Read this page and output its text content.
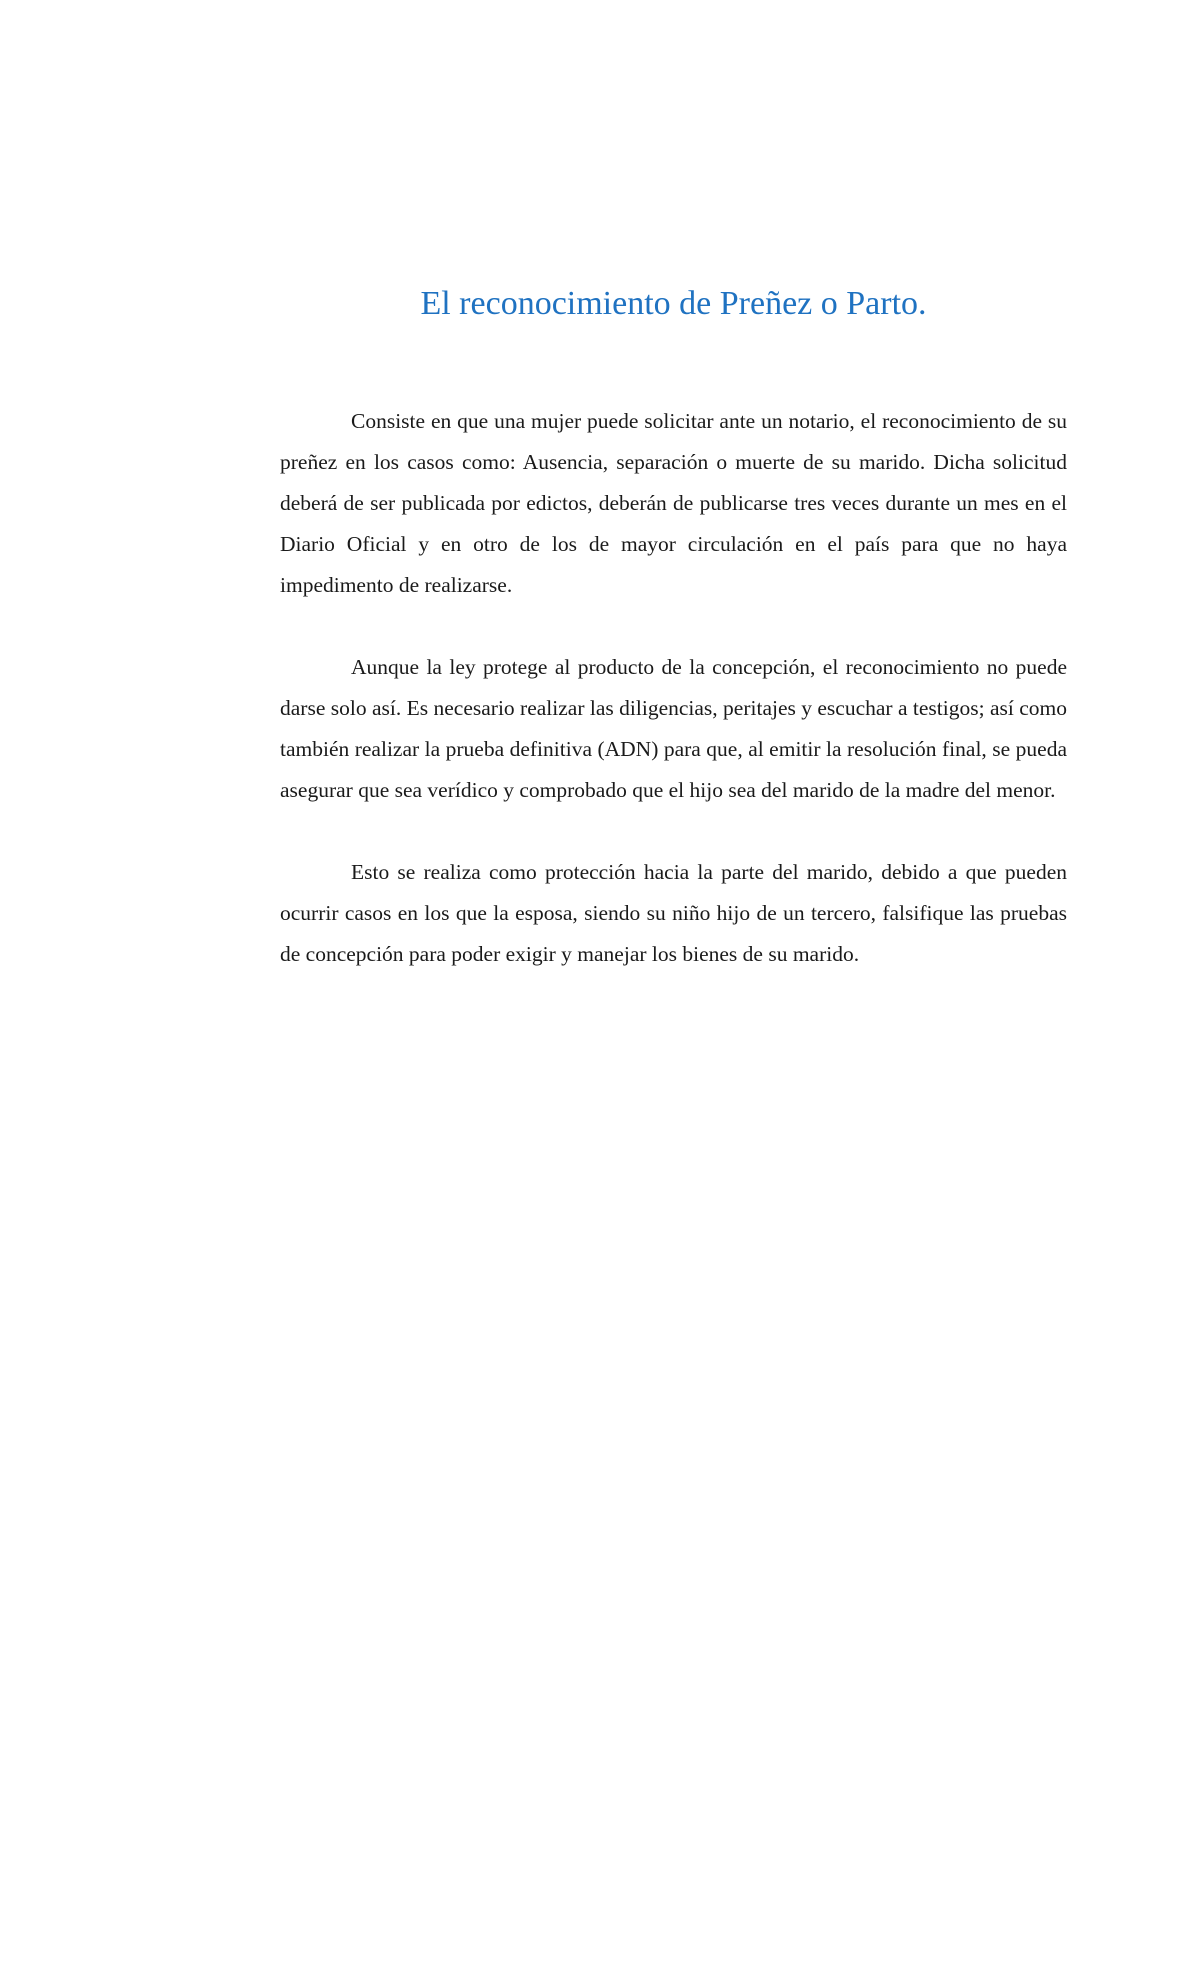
El reconocimiento de Preñez o Parto.

Consiste en que una mujer puede solicitar ante un notario, el reconocimiento de su preñez en los casos como: Ausencia, separación o muerte de su marido. Dicha solicitud deberá de ser publicada por edictos, deberán de publicarse tres veces durante un mes en el Diario Oficial y en otro de los de mayor circulación en el país para que no haya impedimento de realizarse.

Aunque la ley protege al producto de la concepción, el reconocimiento no puede darse solo así. Es necesario realizar las diligencias, peritajes y escuchar a testigos; así como también realizar la prueba definitiva (ADN) para que, al emitir la resolución final, se pueda asegurar que sea verídico y comprobado que el hijo sea del marido de la madre del menor.

Esto se realiza como protección hacia la parte del marido, debido a que pueden ocurrir casos en los que la esposa, siendo su niño hijo de un tercero, falsifique las pruebas de concepción para poder exigir y manejar los bienes de su marido.
